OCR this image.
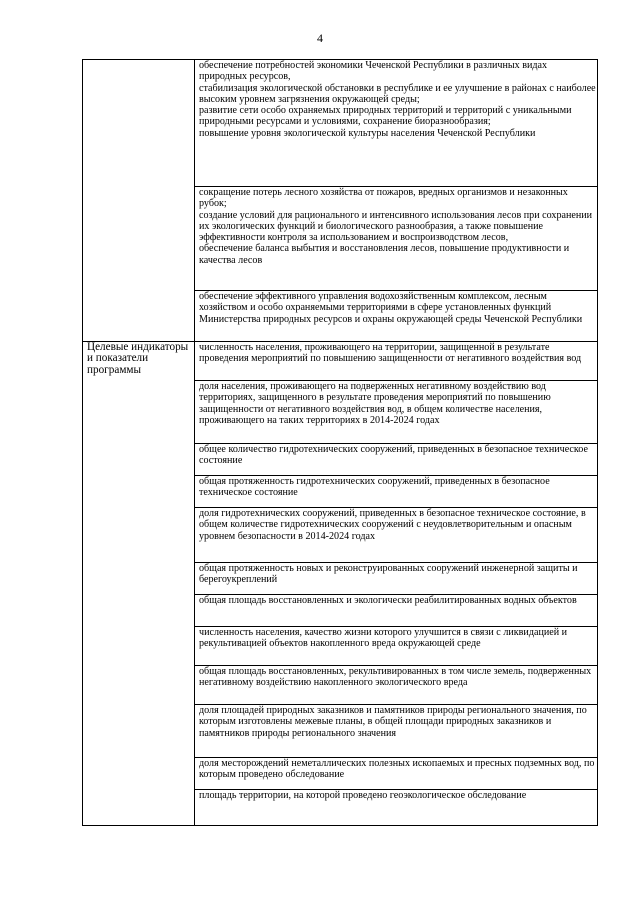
4

	обеспечение потребностей экономики Чеченской Республики в различных видах природных ресурсов,
стабилизация экологической обстановки в республике и ее улучшение в районах с наиболее высоким уровнем загрязнения окружающей среды;
развитие сети особо охраняемых природных территорий и территорий с уникальными природными ресурсами и условиями, сохранение биоразнообразия;
повышение уровня экологической культуры населения Чеченской Республики

	сокращение потерь лесного хозяйства от пожаров, вредных организмов и незаконных рубок;
создание условий для рационального и интенсивного использования лесов при сохранении их экологических функций и биологического разнообразия, а также повышение эффективности контроля за использованием и воспроизводством лесов,
обеспечение баланса выбытия и восстановления лесов, повышение продуктивности и качества лесов

	обеспечение эффективного управления водохозяйственным комплексом, лесным хозяйством и особо охраняемыми территориями в сфере установленных функций Министерства природных ресурсов и охраны окружающей среды Чеченской Республики

Целевые индикаторы и показатели программы	численность населения, проживающего на территории, защищенной в результате проведения мероприятий по повышению защищенности от негативного воздействия вод

	доля населения, проживающего на подверженных негативному воздействию вод территориях, защищенного в результате проведения мероприятий по повышению защищенности от негативного воздействия вод, в общем количестве населения, проживающего на таких территориях в 2014-2024 годах

	общее количество гидротехнических сооружений, приведенных в безопасное техническое состояние

	общая протяженность гидротехнических сооружений, приведенных в безопасное техническое состояние

	доля гидротехнических сооружений, приведенных в безопасное техническое состояние, в общем количестве гидротехнических сооружений с неудовлетворительным и опасным уровнем безопасности в 2014-2024 годах

	общая протяженность новых и реконструированных сооружений инженерной защиты и берегоукреплений

	общая площадь восстановленных и экологически реабилитированных водных объектов

	численность населения, качество жизни которого улучшится в связи с ликвидацией и рекультивацией объектов накопленного вреда окружающей среде

	общая площадь восстановленных, рекультивированных в том числе земель, подверженных негативному воздействию накопленного экологического вреда

	доля площадей природных заказников и памятников природы регионального значения, по которым изготовлены межевые планы, в общей площади природных заказников и памятников природы регионального значения

	доля месторождений неметаллических полезных ископаемых и пресных подземных вод, по которым проведено обследование

	площадь территории, на которой проведено геоэкологическое обследование
